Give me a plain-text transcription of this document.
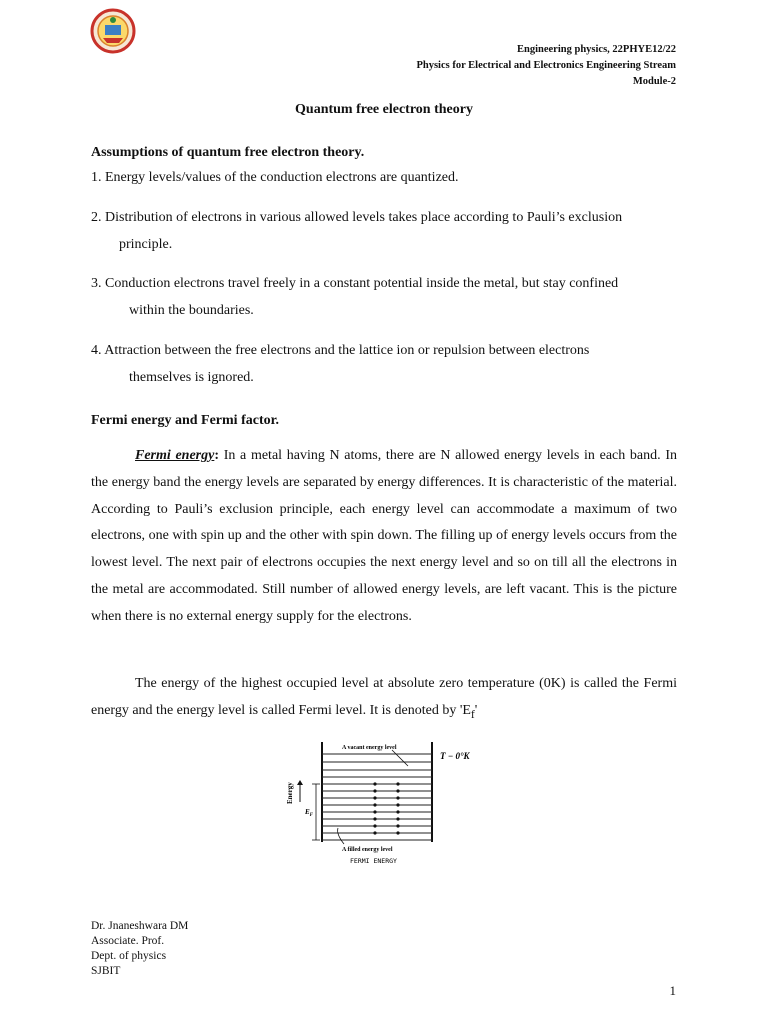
Engineering physics, 22PHYE12/22
Physics for Electrical and Electronics Engineering Stream
Module-2
Quantum free electron theory
Assumptions of quantum free electron theory.
1. Energy levels/values of the conduction electrons are quantized.
2. Distribution of electrons in various allowed levels takes place according to Pauli’s exclusion
principle.
3. Conduction electrons travel freely in a constant potential inside the metal, but stay confined
within the boundaries.
4. Attraction between the free electrons and the lattice ion or repulsion between electrons
themselves is ignored.
Fermi energy and Fermi factor.
Fermi energy: In a metal having N atoms, there are N allowed energy levels in each band. In the energy band the energy levels are separated by energy differences. It is characteristic of the material. According to Pauli’s exclusion principle, each energy level can accommodate a maximum of two electrons, one with spin up and the other with spin down. The filling up of energy levels occurs from the lowest level. The next pair of electrons occupies the next energy level and so on till all the electrons in the metal are accommodated. Still number of allowed energy levels, are left vacant. This is the picture when there is no external energy supply for the electrons.
The energy of the highest occupied level at absolute zero temperature (0K) is called the Fermi energy and the energy level is called Fermi level. It is denoted by '$E_f$'
A vacant energy level
T − 0°K
Energy
$E_F$
A filled energy level
FERMI ENERGY
Dr. Jnaneshwara DM
Associate. Prof.
Dept. of physics
SJBIT
1
